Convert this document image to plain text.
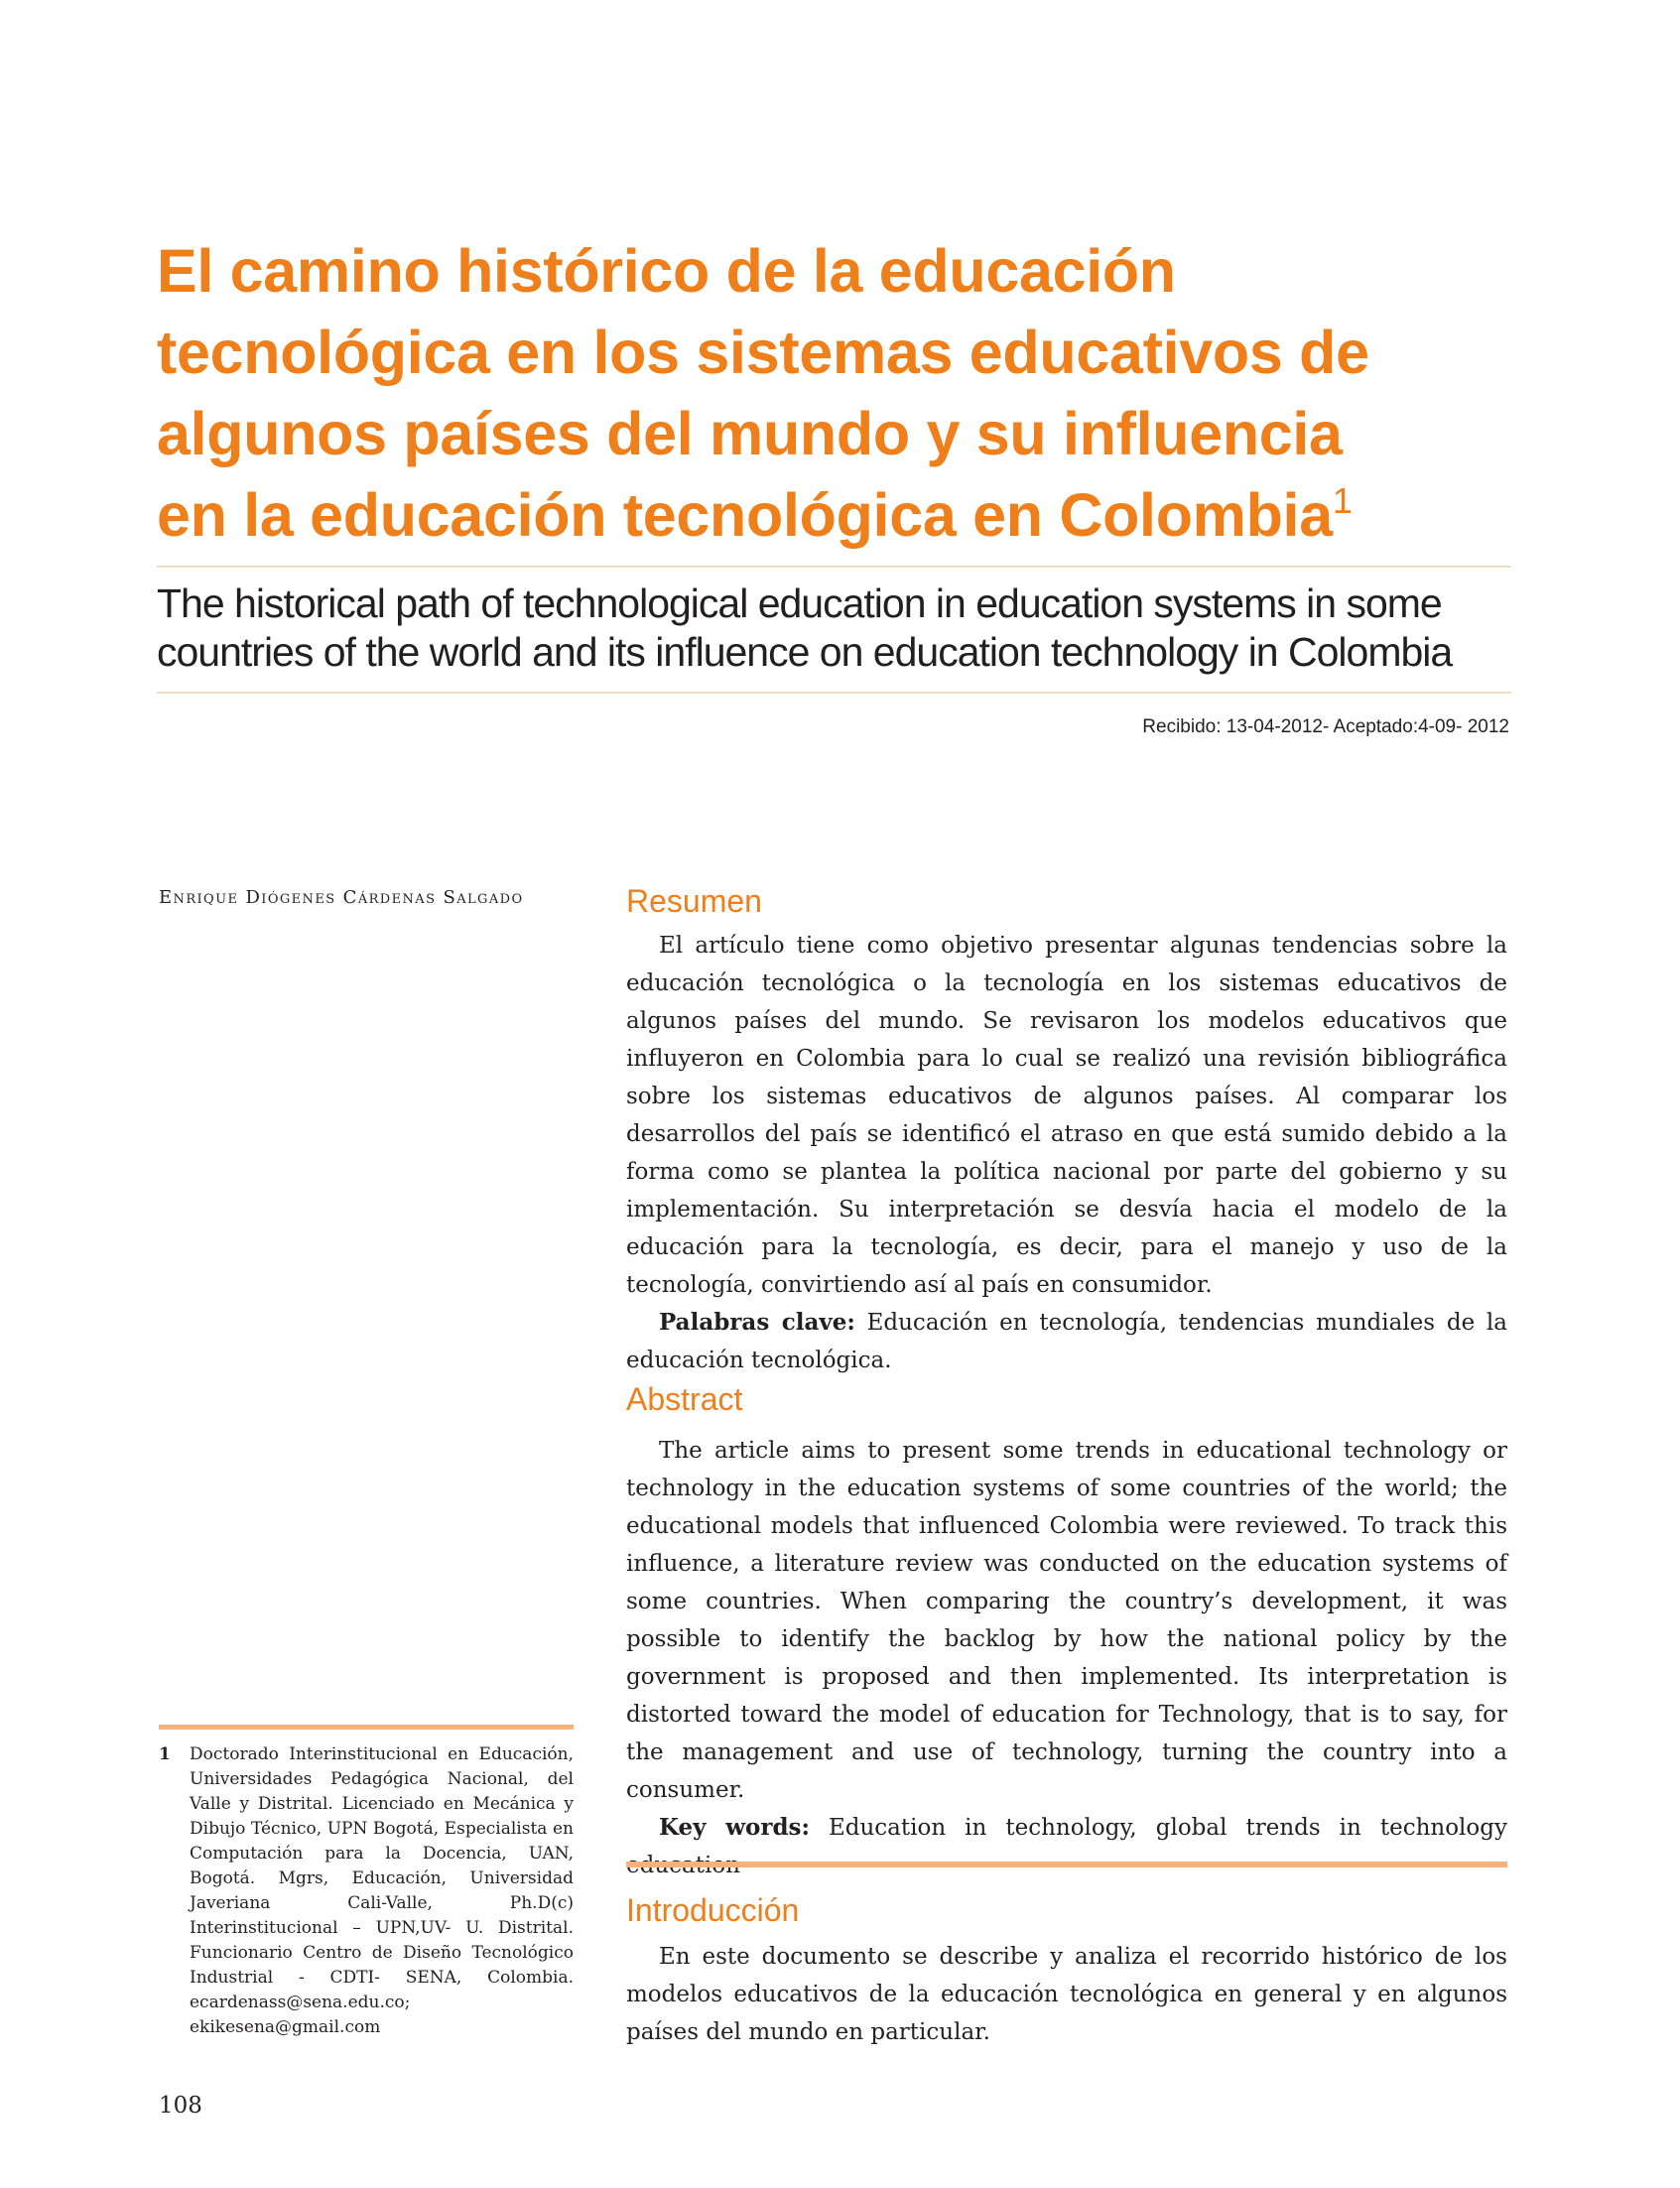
El camino histórico de la educación
tecnológica en los sistemas educativos de
algunos países del mundo y su influencia
en la educación tecnológica en Colombia$^1$
The historical path of technological education in education systems in some
countries of the world and its influence on education technology in Colombia
Recibido: 13-04-2012- Aceptado:4-09- 2012
Enrique Diógenes Cárdenas Salgado	Resumen

El artículo tiene como objetivo presentar algunas tendencias sobre la educación tecnológica o la tecnología en los sistemas educativos de algunos países del mundo. Se revisaron los modelos educativos que influyeron en Colombia para lo cual se realizó una revisión bibliográfica sobre los sistemas educativos de algunos países. Al comparar los desarrollos del país se identificó el atraso en que está sumido debido a la forma como se plantea la política nacional por parte del gobierno y su implementación. Su interpretación se desvía hacia el modelo de la educación para la tecnología, es decir, para el manejo y uso de la tecnología, convirtiendo así al país en consumidor.

Palabras clave: Educación en tecnología, tendencias mundiales de la educación tecnológica.

Abstract

The article aims to present some trends in educational technology or technology in the education systems of some countries of the world; the educational models that influenced Colombia were reviewed. To track this influence, a literature review was conducted on the education systems of some countries. When comparing the country’s development, it was possible to identify the backlog by how the national policy by the government is proposed and then implemented. Its interpretation is distorted toward the model of education for Technology, that is to say, for the management and use of technology, turning the country into a consumer.

Key words: Education in technology, global trends in technology

Introducción

En este documento se describe y analiza el recorrido histórico de los modelos educativos de la educación tecnológica en general y en algunos países del mundo en particular.

1 Doctorado Interinstitucional en Educación, Universidades Pedagógica Nacional, del Valle y Distrital. Licenciado en Mecánica y Dibujo Técnico, UPN Bogotá, Especialista en Computación para la Docencia, UAN, Bogotá. Mgrs, Educación, Universidad Javeriana Cali-Valle, Ph.D(c) Interinstitucional – UPN,UV- U. Distrital. Funcionario Centro de Diseño Tecnológico Industrial - CDTI- SENA, Colombia. ecardenass@sena.edu.co; ekikesena@gmail.com
108
